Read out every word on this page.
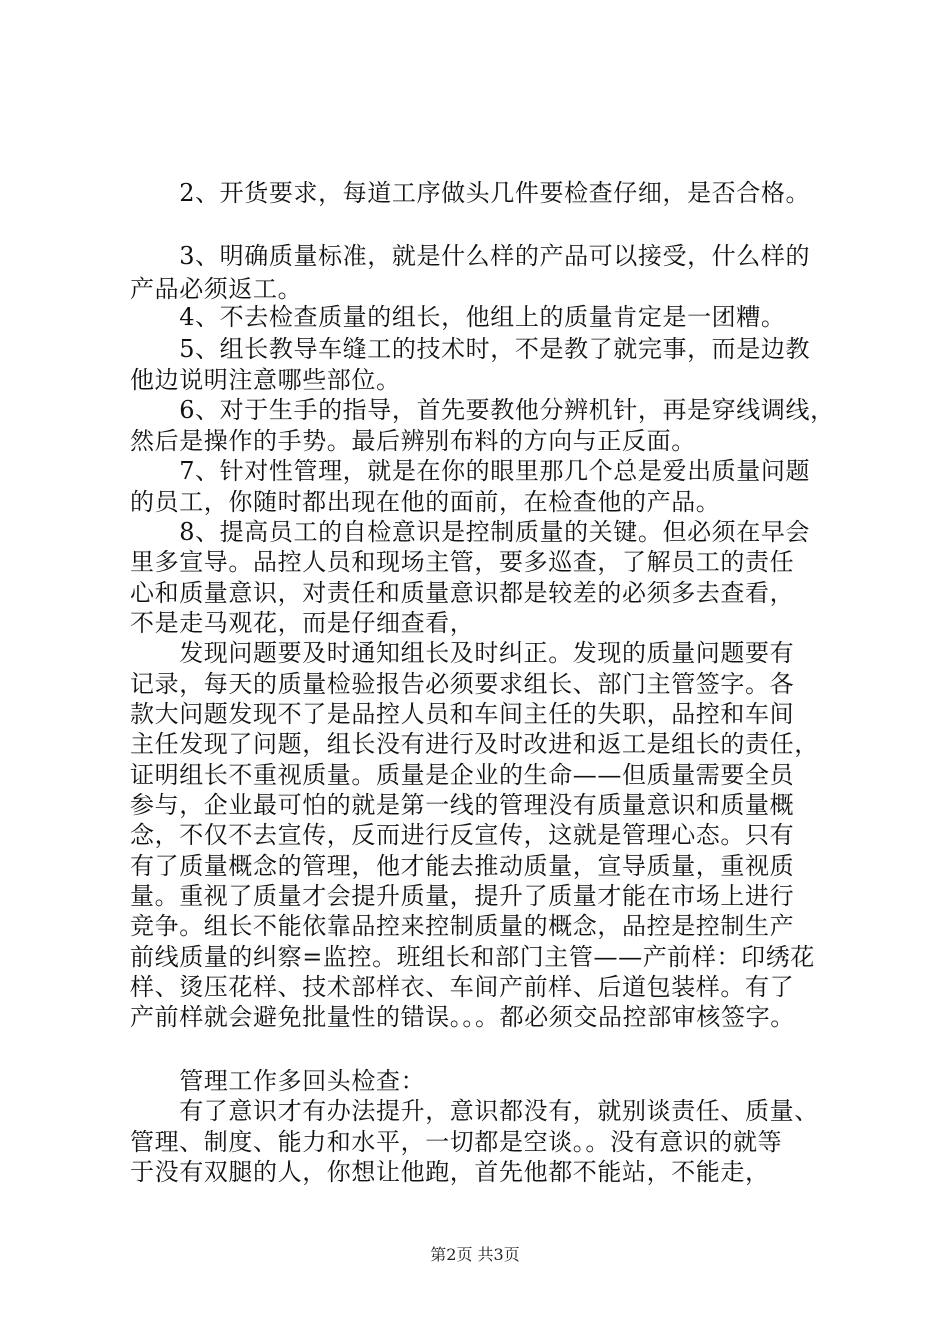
　　2、开货要求，每道工序做头几件要检查仔细，是否合格。
　　3、明确质量标准，就是什么样的产品可以接受，什么样的
产品必须返工。
　　4、不去检查质量的组长，他组上的质量肯定是一团糟。
　　5、组长教导车缝工的技术时，不是教了就完事，而是边教
他边说明注意哪些部位。
　　6、对于生手的指导，首先要教他分辨机针，再是穿线调线，
然后是操作的手势。最后辨别布料的方向与正反面。
　　7、针对性管理，就是在你的眼里那几个总是爱出质量问题
的员工，你随时都出现在他的面前，在检查他的产品。
　　8、提高员工的自检意识是控制质量的关键。但必须在早会
里多宣导。品控人员和现场主管，要多巡查，了解员工的责任
心和质量意识，对责任和质量意识都是较差的必须多去查看，
不是走马观花，而是仔细查看，
　　发现问题要及时通知组长及时纠正。发现的质量问题要有
记录，每天的质量检验报告必须要求组长、部门主管签字。各
款大问题发现不了是品控人员和车间主任的失职，品控和车间
主任发现了问题，组长没有进行及时改进和返工是组长的责任，
证明组长不重视质量。质量是企业的生命——但质量需要全员
参与，企业最可怕的就是第一线的管理没有质量意识和质量概
念，不仅不去宣传，反而进行反宣传，这就是管理心态。只有
有了质量概念的管理，他才能去推动质量，宣导质量，重视质
量。重视了质量才会提升质量，提升了质量才能在市场上进行
竞争。组长不能依靠品控来控制质量的概念，品控是控制生产
前线质量的纠察=监控。班组长和部门主管——产前样：印绣花
样、烫压花样、技术部样衣、车间产前样、后道包装样。有了
产前样就会避免批量性的错误。。。都必须交品控部审核签字。
　　管理工作多回头检查：
　　有了意识才有办法提升，意识都没有，就别谈责任、质量、
管理、制度、能力和水平，一切都是空谈。。没有意识的就等
于没有双腿的人，你想让他跑，首先他都不能站，不能走，
第2页 共3页
